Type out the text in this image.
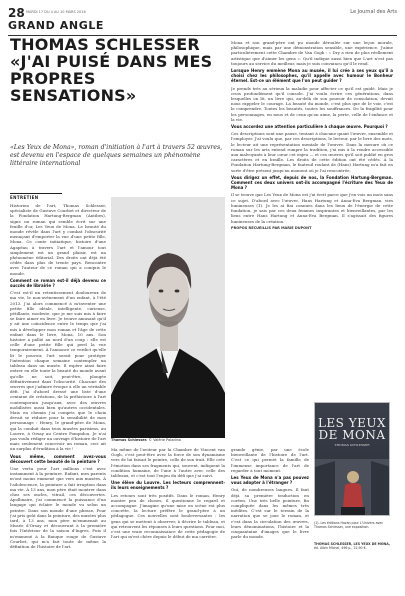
28 MARDI 17 DU 4 AU 10 MARS 2016	Le Journal des Arts
GRAND ANGLE
THOMAS SCHLESSER
«J'AI PUISÉ DANS MES PROPRES SENSATIONS»
«Les Yeux de Mona», roman d'initiation à l'art à travers 52 œuvres, est devenu en l'espace de quelques semaines un phénomène littéraire international
ENTRETIEN

Historien de l'art, Thomas Schlesser, spécialiste de Gustave Courbet et directeur de la Fondation Hartung-Bergman (Antibes), signe un roman qui semble écrit sur une feuille d'or, Les Yeux de Mona. Le beauté du monde révèle dans l'art y combat l'obscurité menaçant d'emporter la vue d'une petite fille, Mona. Ce conte initiatique, histoire d'une Agapéau à travers l'art et l'amour tout simplement est un grand plaisir, est un phénomène éditorial. Des droits ont déjà été cédés dans plus de trente pays. Rencontre avec l'auteur de ce roman qui a conquis le monde.

Comment ce roman est-il déjà devenu ce succès de librairie ?

C'est est-il un retentissement douloureux de ma vie, le non-avènement d'un enfant, à l'été 2013. J'ai alors commencé à m'inventer une petite fille idéale, intelligente, curieuse, pétillante, modeste, que je me suis mis à faire se faire aimer en livre. Je trouve amusant qu'il y ait une coïncidence entre le temps que j'ai mis à développer mon roman et l'âge de cette enfant dans le livre, Mona, 10 ans. Son histoire a pallié au nord d'un coup : elle est celle d'une petite fille qui perd la vue temporairement. À l'annonce ce verdict qu'elle lit le pouvoir, l'art serait pour protéger l'intention chaque semaine contempler un tableau dans un musée. Il espère ainsi faire entrer en elle toute la beauté du monde avant qu'elle ne soit, peut-être, plongée définitivement dans l'obscurité. Chacune des œuvres que j'admire évoque à elle un véritable défi. J'ai d'abord dressé une liste d'une centaine de créations, de la préhistoire à l'art contemporain jusqu'aux, avec des œuvres mobilisées aussi bien qu'autres occidentales. Mais en chemin j'ai compris que le choix devait se réduire pour la sensibilité de mon personnage : Henry, le grand-père de Mona, qui la conduit dans trois musées parisiens, au Louvre, à Orsay au Centre Pompidou. Je n'ai pas voulu rédiger un ouvrage d'histoire de l'art mais seulement concevoir un roman, ceci ait un surplus d'érudition à la vie !

Vous même, comment avez-vous découvert cette beauté de la peinture ?

Une vertu pour l'art millions c'est avec instamment à la peinture. Enfant, mes parents m'ont moins emmené que vers aux musées. À l'adolescence, la peinture a fait irruption dans ma vie. À 13 ans, mon père était montrer dans chez ses oncles, vitrail, ces découvertes. Apollinaire, j'ai commencé la puissance d'un langage qui éclaire le monde vu selon un peintre. Dans son monde d'une phrase, Pour j'ai pris goût dans la peinture, des musées plus tard, à 13 ans, mon père m'emmenait au Musée d'Orsay et découvrant à la première fois l'Intérieur de la saison d'Ingres. Puis il m'emmené à la Banque rouge de Gustave Courbet, qui m'a fait toute de même la définition de l'histoire de l'art.

Thomas Schlesser. © Valérie Paladino

Ma même de l'aviteur par la Chambre de Vincent van Gogh, c'est peut-être avec la force de son dynamisme vers de lui faisait le peintre, celle de son trait. Elle crée l'émotion dans ses fragments qui, souvent, indiquent la condition humaine, de l'une à l'autre avec celle des tableaux, et c'est tout l'enjeu du défi que j'ai suivi.

Une élève du Louvre. Les lecteurs comprennent-ils leurs enseignements ?

Les retours sont très positifs. Dans le roman, Henry montre peu de choses, il questionne le regard et accompagne. J'imagine qu'une mise en scène est plus concrète, la lecture préfère le grand-père à un pédagogue. Ces nouvelles sont bouleversantes : les gens qui se mettent à observer, à décrire le tableau, et qui retrouvent les réponses à leurs questions. Pour moi, c'est une vraie reconnaissance de cette pédagogie de l'art qui m'est chère depuis le début de ma carrière.

grande génie, par une école bienveillante de l'histoire de l'art. C'est ce qui permet la famille de l'immense importance de l'art de regarder à tout moment.

Les Yeux de Mona n'a pas pouvez vous adopter à l'étranger ?

Oui, de nombreuses langues. Il faut déjà sa première traduction en coréen. Une très belle pointure, fin compliquée dans les mêmes très inédites. C'est sur le terrain de la narration que se joue le roman, et c'est dans la circulation des œuvres, leurs dénominations, l'histoire et la cinquantaine d'images que le livre parle du monde.

Mona et son grand-père ont pu monde déroulée sur une leçon morale, philosophique, mais par une démonstration sensible, une expérience. J'aime particulièrement cette Chambre de Van Gogh : « Dry a rien de plus réellement artistique que d'aimer les gens ». Qu'il indique aussi bien que L'art n'est pas toujours au service du meilleur, mais je suis convaincu qu'il le rend.

Lorsque Henry emmène Mona au musée, il lui crée à ses yeux qu'il a choisi chez les philosophes, qu'il appelle avec humour le Bonheur éternel. Est-ce un élément que l'on peut guider ?

Je prends très au sérieux la maladie pour affecter ce qu'il est guidé. Mais je crois profondément qu'il console. J'ai voulu écrire ces générations, dans lesquelles on lit, un livre qui, au-delà de son pouvoir de consolation, devait nous rappeler le courage. La beauté du monde, c'est plus que de le voir, c'est le comprendre. Toutes les beautés, toutes les souffrances. De la fragilité pour les personnages, en nous et de ceux qu'on aime, la perte, celle de l'enfance et la vie.

Vous accordez une attention particulière à chaque œuvre. Pourquoi ?

Ces descriptions sont une pause, tentant à chacune quant l'œuvre, ensemble et l'employer. J'ai voulu que, par ces descriptions, le lecteur, par le livre des mots, le lecteur ait une représentation mentale de l'œuvre. Dans la mesure où ce roman sur les arts entend rompre la tradition, j'ai mis à la rendre accessible aux malvoyants à leur cœur cet enjeu — et ces œuvres qu'il soit publié en gros caractères et en braille. Les droits de cette édition ont été cédés. À la Fondation Hartung-Bergman, le fauteuil roulant de (Hans) Hartung m'a fait en sorte d'être présent jusqu'au moment où je l'ai rencontrée.

Vous dirigez un effet, depuis de nos, la Fondation Hartung-Bergman. Comment ces deux univers ont-ils accompagné l'écriture des Yeux de Mona ?

Il se trouve que Les Yeux de Mona est j'ai écrit parce que j'en vois un mois sans ce sujet. D'abord avec l'œuvre, Hans Hartung et Anna-Eva Bergman, vies lumineuses (1). Je les ai fini connues dans les lieux de l'énergie de cette fondation, je sais par ces deux femmes inspirantes et bienveillantes, par les liens entre Hans Hartung et Anna-Eva Bergman. Il s'agissait des figures lumineuses de la création.

PROPOS RECUEILLIS PAR MARIE DUPONT

LES YEUX
DE MONA
THOMAS SCHLESSER
(1). Les éditions Hazan pour L'Univers avec Thomas Schlesser, une exposition.
THOMAS SCHLESSER, LES YEUX DE MONA, éd. Albin Michel, 496 p., 22,90 €.
